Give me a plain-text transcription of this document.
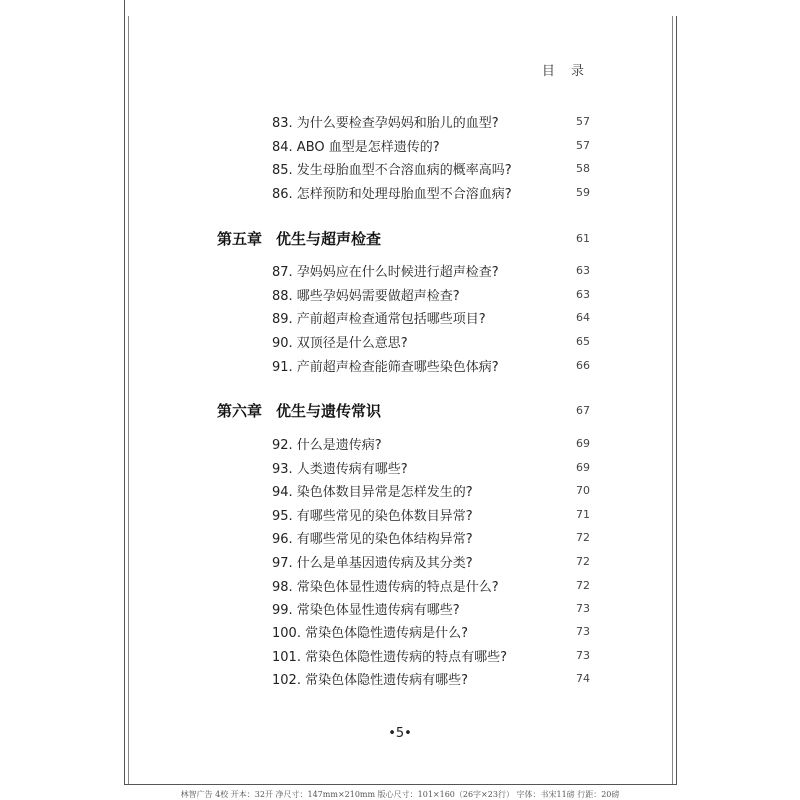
目 录
83. 为什么要检查孕妈妈和胎儿的血型?	57
84. ABO 血型是怎样遗传的?	57
85. 发生母胎血型不合溶血病的概率高吗?	58
86. 怎样预防和处理母胎血型不合溶血病?	59
第五章 优生与超声检查	61
87. 孕妈妈应在什么时候进行超声检查?	63
88. 哪些孕妈妈需要做超声检查?	63
89. 产前超声检查通常包括哪些项目?	64
90. 双顶径是什么意思?	65
91. 产前超声检查能筛查哪些染色体病?	66
第六章 优生与遗传常识	67
92. 什么是遗传病?	69
93. 人类遗传病有哪些?	69
94. 染色体数目异常是怎样发生的?	70
95. 有哪些常见的染色体数目异常?	71
96. 有哪些常见的染色体结构异常?	72
97. 什么是单基因遗传病及其分类?	72
98. 常染色体显性遗传病的特点是什么?	72
99. 常染色体显性遗传病有哪些?	73
100. 常染色体隐性遗传病是什么?	73
101. 常染色体隐性遗传病的特点有哪些?	73
102. 常染色体隐性遗传病有哪些?	74
•5•
林智广告 4校 开本：32开 净尺寸：147mm×210mm 版心尺寸：101×160（26字×23行） 字体：书宋11磅 行距：20磅
